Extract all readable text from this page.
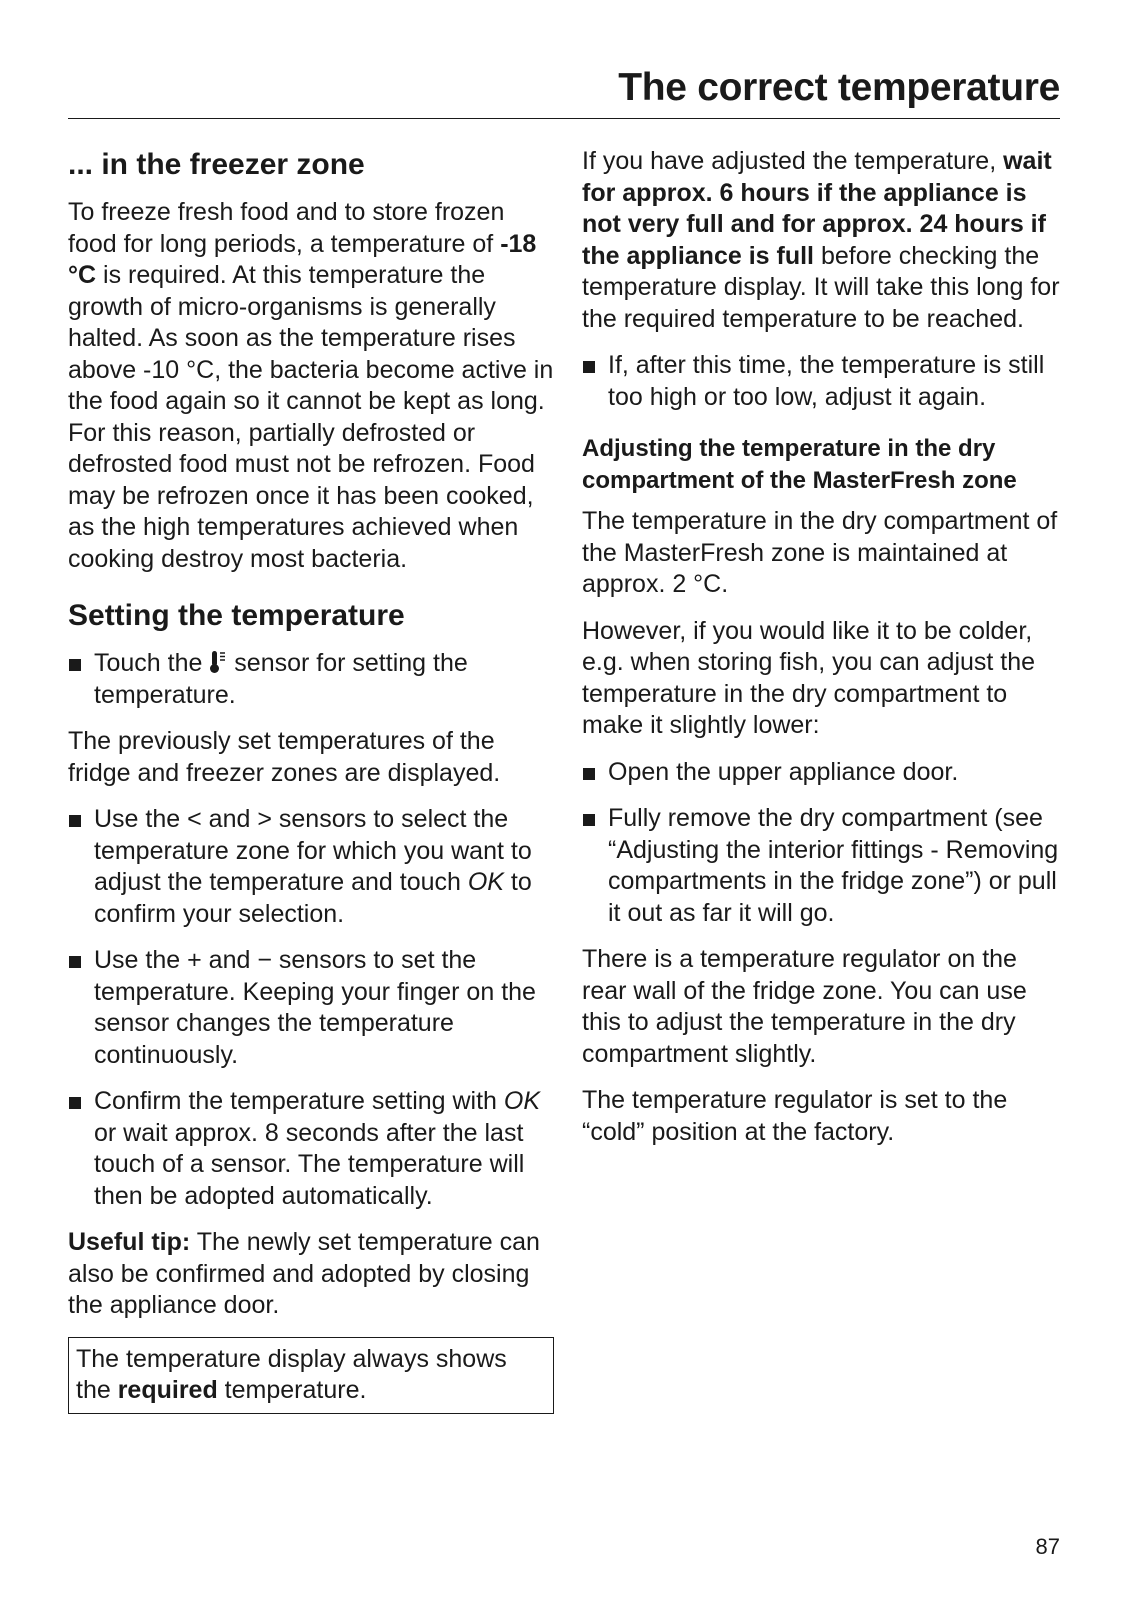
The correct temperature
... in the freezer zone

To freeze fresh food and to store frozen food for long periods, a temperature of -18 °C is required. At this temperature the growth of micro-organisms is generally halted. As soon as the temperature rises above -10 °C, the bacteria become active in the food again so it cannot be kept as long. For this reason, partially defrosted or defrosted food must not be refrozen. Food may be refrozen once it has been cooked, as the high temperatures achieved when cooking destroy most bacteria.

Setting the temperature
Touch the  sensor for setting the temperature.

The previously set temperatures of the fridge and freezer zones are displayed.

Use the < and > sensors to select the temperature zone for which you want to adjust the temperature and touch OK to confirm your selection.
Use the + and − sensors to set the temperature. Keeping your finger on the sensor changes the temperature continuously.
Confirm the temperature setting with OK or wait approx. 8 seconds after the last touch of a sensor. The temperature will then be adopted automatically.

Useful tip: The newly set temperature can also be confirmed and adopted by closing the appliance door.

The temperature display always shows the required temperature.

If you have adjusted the temperature, wait for approx. 6 hours if the appliance is not very full and for approx. 24 hours if the appliance is full before checking the temperature display. It will take this long for the required temperature to be reached.

If, after this time, the temperature is still too high or too low, adjust it again.
Adjusting the temperature in the dry compartment of the MasterFresh zone

The temperature in the dry compartment of the MasterFresh zone is maintained at approx. 2 °C.

However, if you would like it to be colder, e.g. when storing fish, you can adjust the temperature in the dry compartment to make it slightly lower:

Open the upper appliance door.
Fully remove the dry compartment (see “Adjusting the interior fittings - Removing compartments in the fridge zone”) or pull it out as far it will go.

There is a temperature regulator on the rear wall of the fridge zone. You can use this to adjust the temperature in the dry compartment slightly.

The temperature regulator is set to the “cold” position at the factory.

87
